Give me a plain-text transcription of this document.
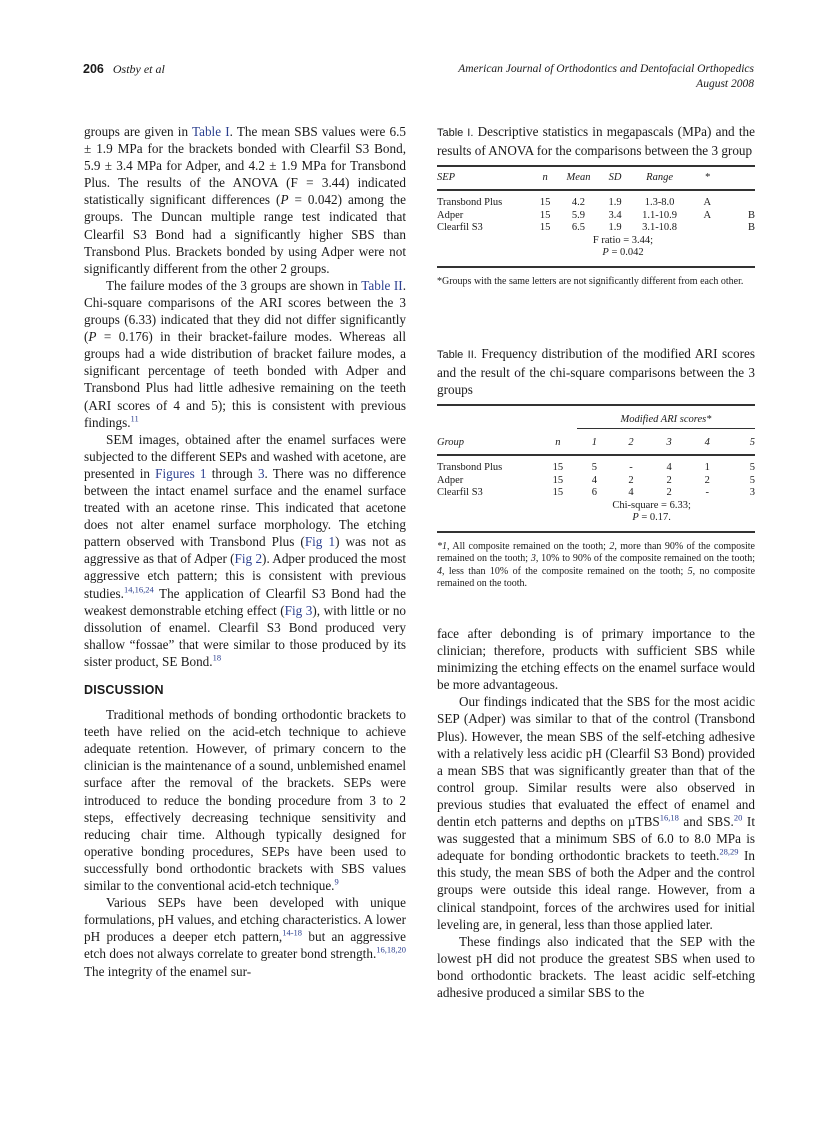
206 Ostby et al	American Journal of Orthodontics and Dentofacial Orthopedics
August 2008

groups are given in Table I. The mean SBS values were 6.5 ± 1.9 MPa for the brackets bonded with Clearfil S3 Bond, 5.9 ± 3.4 MPa for Adper, and 4.2 ± 1.9 MPa for Transbond Plus. The results of the ANOVA (F = 3.44) indicated statistically significant differences (P = 0.042) among the groups. The Duncan multiple range test indicated that Clearfil S3 Bond had a significantly higher SBS than Transbond Plus. Brackets bonded by using Adper were not significantly different from the other 2 groups.

The failure modes of the 3 groups are shown in Table II. Chi-square comparisons of the ARI scores between the 3 groups (6.33) indicated that they did not differ significantly (P = 0.176) in their bracket-failure modes. Whereas all groups had a wide distribution of bracket failure modes, a significant percentage of teeth bonded with Adper and Transbond Plus had little adhesive remaining on the teeth (ARI scores of 4 and 5); this is consistent with previous findings.$^{11}$

SEM images, obtained after the enamel surfaces were subjected to the different SEPs and washed with acetone, are presented in Figures 1 through 3. There was no difference between the intact enamel surface and the enamel surface treated with an acetone rinse. This indicated that acetone does not alter enamel surface morphology. The etching pattern observed with Transbond Plus (Fig 1) was not as aggressive as that of Adper (Fig 2). Adper produced the most aggressive etch pattern; this is consistent with previous studies.$^{14,16,24}$ The application of Clearfil S3 Bond had the weakest demonstrable etching effect (Fig 3), with little or no dissolution of enamel. Clearfil S3 Bond produced very shallow “fossae” that were similar to those produced by its sister product, SE Bond.$^{18}$

DISCUSSION

Traditional methods of bonding orthodontic brackets to teeth have relied on the acid-etch technique to achieve adequate retention. However, of primary concern to the clinician is the maintenance of a sound, unblemished enamel surface after the removal of the brackets. SEPs were introduced to reduce the bonding procedure from 3 to 2 steps, effectively decreasing technique sensitivity and reducing chair time. Although typically designed for operative bonding procedures, SEPs have been used to successfully bond orthodontic brackets with SBS values similar to the conventional acid-etch technique.$^9$

Various SEPs have been developed with unique formulations, pH values, and etching characteristics. A lower pH produces a deeper etch pattern,$^{14-18}$ but an aggressive etch does not always correlate to greater bond strength.$^{16,18,20}$ The integrity of the enamel sur-

Table I. Descriptive statistics in megapascals (MPa) and the results of ANOVA for the comparisons between the 3 group
SEP	n	Mean	SD	Range	*	

Transbond Plus	15	4.2	1.9	1.3-8.0	A	
Adper	15	5.9	3.4	1.1-10.9	A	B
Clearfil S3	15	6.5	1.9	3.1-10.8		B

		F ratio = 3.44;
P = 0.042				

*Groups with the same letters are not significantly different from each other.
Table II. Frequency distribution of the modified ARI scores and the result of the chi-square comparisons between the 3 groups
		Modified ARI scores*				
Group	n	1	2	3	4	5

Transbond Plus	15	5	-	4	1	5
Adper	15	4	2	2	2	5
Clearfil S3	15	6	4	2	-	3

		Chi-square = 6.33;
P = 0.17.				

*1, All composite remained on the tooth; 2, more than 90% of the composite remained on the tooth; 3, 10% to 90% of the composite remained on the tooth; 4, less than 10% of the composite remained on the tooth; 5, no composite remained on the tooth.

face after debonding is of primary importance to the clinician; therefore, products with sufficient SBS while minimizing the etching effects on the enamel surface would be more advantageous.

Our findings indicated that the SBS for the most acidic SEP (Adper) was similar to that of the control (Transbond Plus). However, the mean SBS of the self-etching adhesive with a relatively less acidic pH (Clearfil S3 Bond) provided a mean SBS that was significantly greater than that of the control group. Similar results were also observed in previous studies that evaluated the effect of enamel and dentin etch patterns and depths on µTBS$^{16,18}$ and SBS.$^{20}$ It was suggested that a minimum SBS of 6.0 to 8.0 MPa is adequate for bonding orthodontic brackets to teeth.$^{28,29}$ In this study, the mean SBS of both the Adper and the control groups were outside this ideal range. However, from a clinical standpoint, forces of the archwires used for initial leveling are, in general, less than those applied later.

These findings also indicated that the SEP with the lowest pH did not produce the greatest SBS when used to bond orthodontic brackets. The least acidic self-etching adhesive produced a similar SBS to the
